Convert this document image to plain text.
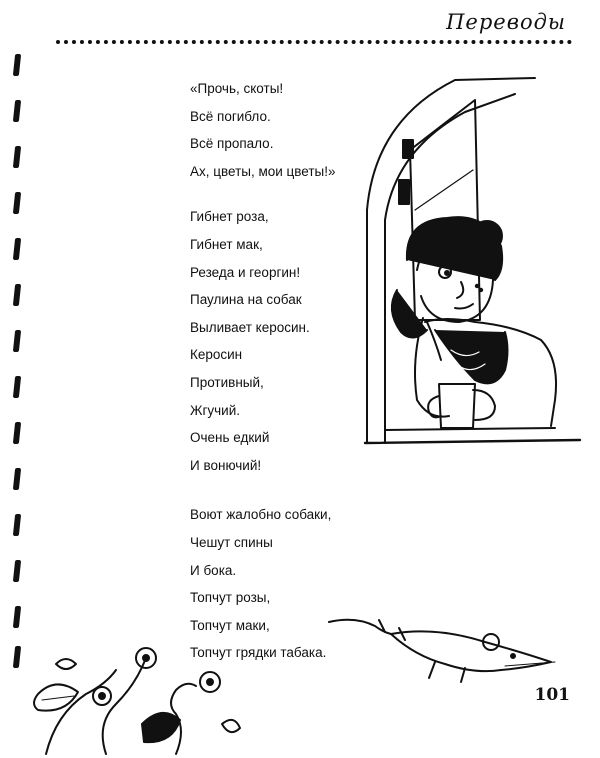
Переводы
«Прочь, скоты!
Всё погибло.
Всё пропало.
Ах, цветы, мои цветы!»
Гибнет роза,
Гибнет мак,
Резеда и георгин!
Паулина на собак
Выливает керосин.
Керосин
Противный,
Жгучий.
Очень едкий
И вонючий!
Воют жалобно собаки,
Чешут спины
И бока.
Топчут розы,
Топчут маки,
Топчут грядки табака.
101
